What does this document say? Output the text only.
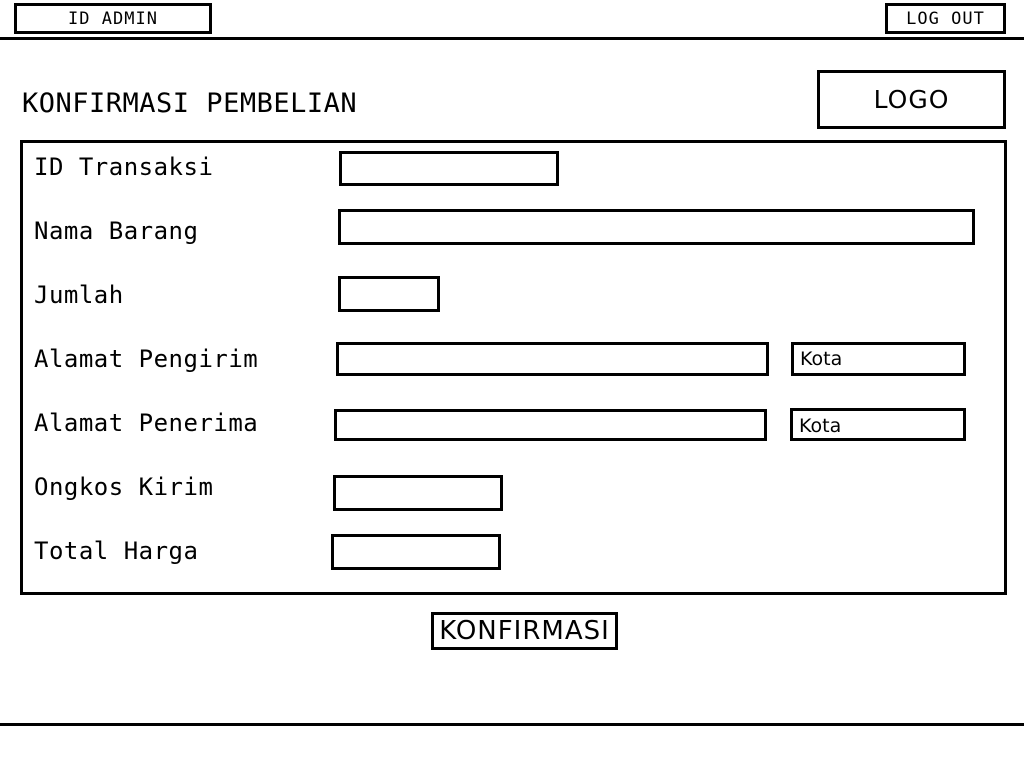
ID ADMIN	LOG OUT
KONFIRMASI PEMBELIAN	LOGO
ID Transaksi
Nama Barang
Jumlah
Alamat Pengirim	Kota
Alamat Penerima	Kota
Ongkos Kirim
Total Harga
KONFIRMASI
